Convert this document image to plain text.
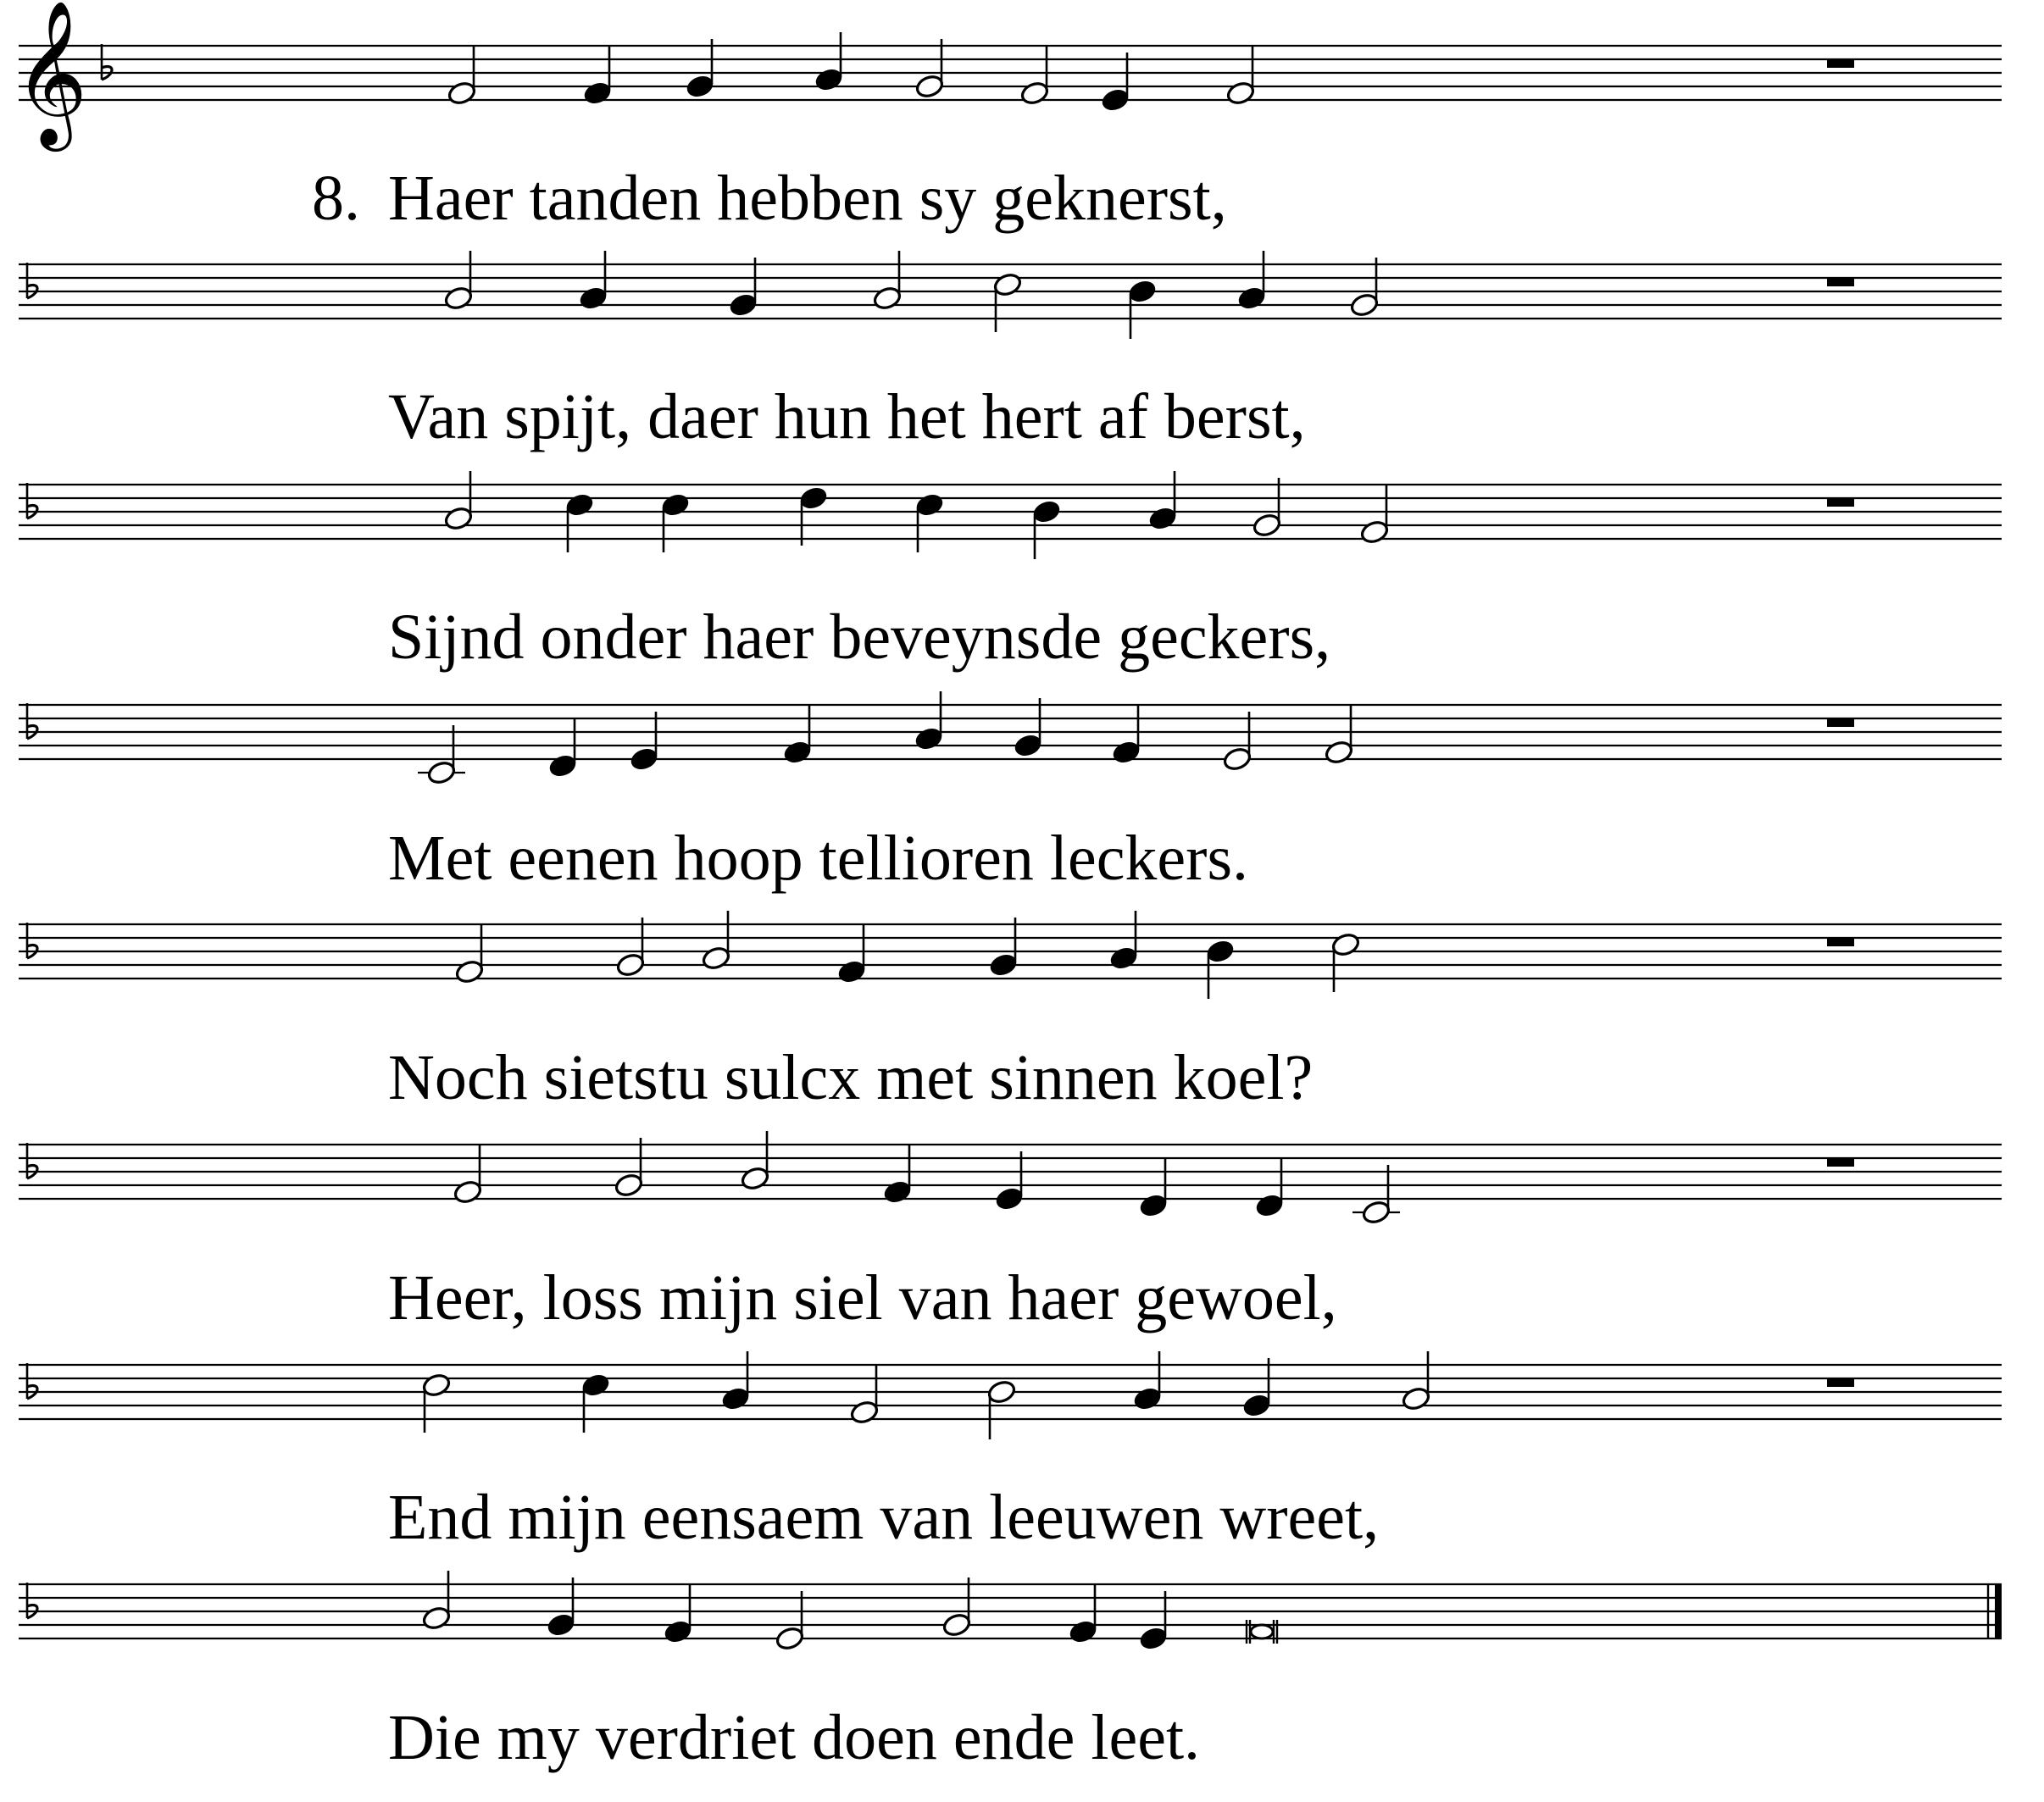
𝄞
Haer tanden hebben sy geknerst,
8.
Van spijt, daer hun het hert af berst,
Sijnd onder haer beveynsde geckers,
Met eenen hoop tellioren leckers.
Noch sietstu sulcx met sinnen koel?
Heer, loss mijn siel van haer gewoel,
End mijn eensaem van leeuwen wreet,
Die my verdriet doen ende leet.
